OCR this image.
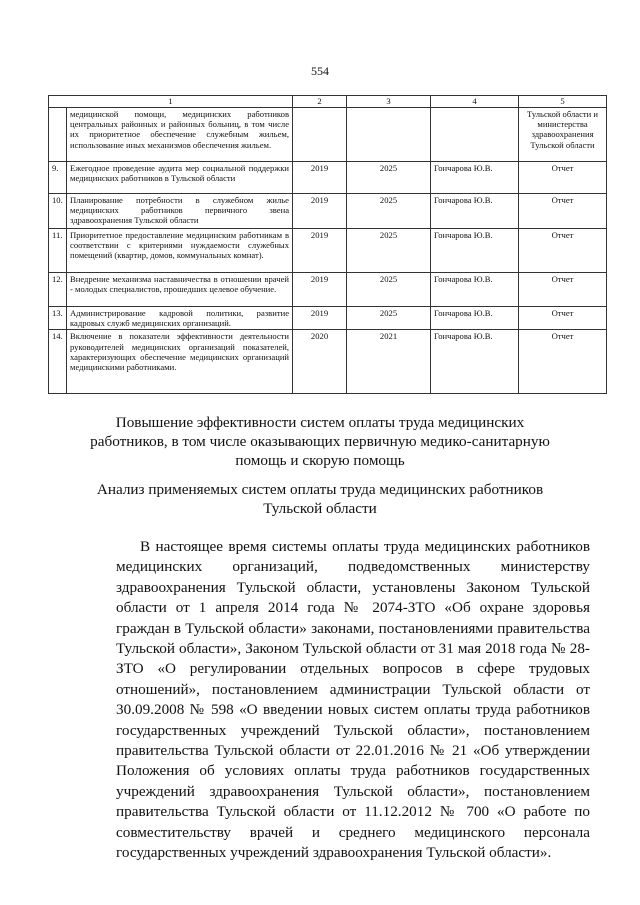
554
1		2	3	4	5
	медицинской помощи, медицинских работников центральных районных и районных больниц, в том числе их приоритетное обеспечение служебным жильем, использование иных механизмов обеспечения жильем.				Тульской области и министерства здравоохранения Тульской области
9.	Ежегодное проведение аудита мер социальной поддержки медицинских работников в Тульской области	2019	2025	Гончарова Ю.В.	Отчет
10.	Планирование потребности в служебном жилье медицинских работников первичного звена здравоохранения Тульской области	2019	2025	Гончарова Ю.В.	Отчет
11.	Приоритетное предоставление медицинским работникам в соответствии с критериями нуждаемости служебных помещений (квартир, домов, коммунальных комнат).	2019	2025	Гончарова Ю.В.	Отчет
12.	Внедрение механизма наставничества в отношении врачей - молодых специалистов, прошедших целевое обучение.	2019	2025	Гончарова Ю.В.	Отчет
13.	Администрирование кадровой политики, развитие кадровых служб медицинских организаций.	2019	2025	Гончарова Ю.В.	Отчет
14.	Включение в показатели эффективности деятельности руководителей медицинских организаций показателей, характеризующих обеспечение медицинских организаций медицинскими работниками.	2020	2021	Гончарова Ю.В.	Отчет
Повышение эффективности систем оплаты труда медицинских работников, в том числе оказывающих первичную медико-санитарную помощь и скорую помощь
Анализ применяемых систем оплаты труда медицинских работников Тульской области

В настоящее время системы оплаты труда медицинских работников медицинских организаций, подведомственных министерству здравоохранения Тульской области, установлены Законом Тульской области от 1 апреля 2014 года № 2074-ЗТО «Об охране здоровья граждан в Тульской области» законами, постановлениями правительства Тульской области», Законом Тульской области от 31 мая 2018 года № 28-ЗТО «О регулировании отдельных вопросов в сфере трудовых отношений», постановлением администрации Тульской области от 30.09.2008 № 598 «О введении новых систем оплаты труда работников государственных учреждений Тульской области», постановлением правительства Тульской области от 22.01.2016 № 21 «Об утверждении Положения об условиях оплаты труда работников государственных учреждений здравоохранения Тульской области», постановлением правительства Тульской области от 11.12.2012 № 700 «О работе по совместительству врачей и среднего медицинского персонала государственных учреждений здравоохранения Тульской области».
